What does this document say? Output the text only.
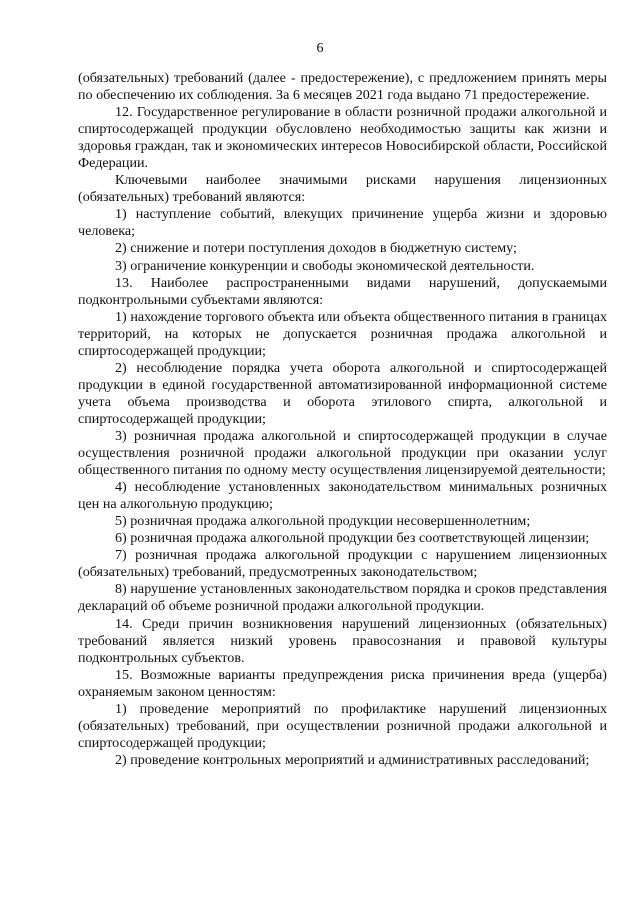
6

(обязательных) требований (далее - предостережение), с предложением принять меры по обеспечению их соблюдения. За 6 месяцев 2021 года выдано 71 предостережение.

12. Государственное регулирование в области розничной продажи алкогольной и спиртосодержащей продукции обусловлено необходимостью защиты как жизни и здоровья граждан, так и экономических интересов Новосибирской области, Российской Федерации.

Ключевыми наиболее значимыми рисками нарушения лицензионных (обязательных) требований являются:

1) наступление событий, влекущих причинение ущерба жизни и здоровью человека;

2) снижение и потери поступления доходов в бюджетную систему;

3) ограничение конкуренции и свободы экономической деятельности.

13. Наиболее распространенными видами нарушений, допускаемыми подконтрольными субъектами являются:

1) нахождение торгового объекта или объекта общественного питания в границах территорий, на которых не допускается розничная продажа алкогольной и спиртосодержащей продукции;

2) несоблюдение порядка учета оборота алкогольной и спиртосодержащей продукции в единой государственной автоматизированной информационной системе учета объема производства и оборота этилового спирта, алкогольной и спиртосодержащей продукции;

3) розничная продажа алкогольной и спиртосодержащей продукции в случае осуществления розничной продажи алкогольной продукции при оказании услуг общественного питания по одному месту осуществления лицензируемой деятельности;

4) несоблюдение установленных законодательством минимальных розничных цен на алкогольную продукцию;

5) розничная продажа алкогольной продукции несовершеннолетним;

6) розничная продажа алкогольной продукции без соответствующей лицензии;

7) розничная продажа алкогольной продукции с нарушением лицензионных (обязательных) требований, предусмотренных законодательством;

8) нарушение установленных законодательством порядка и сроков представления деклараций об объеме розничной продажи алкогольной продукции.

14. Среди причин возникновения нарушений лицензионных (обязательных) требований является низкий уровень правосознания и правовой культуры подконтрольных субъектов.

15. Возможные варианты предупреждения риска причинения вреда (ущерба) охраняемым законом ценностям:

1) проведение мероприятий по профилактике нарушений лицензионных (обязательных) требований, при осуществлении розничной продажи алкогольной и спиртосодержащей продукции;

2) проведение контрольных мероприятий и административных расследований;
